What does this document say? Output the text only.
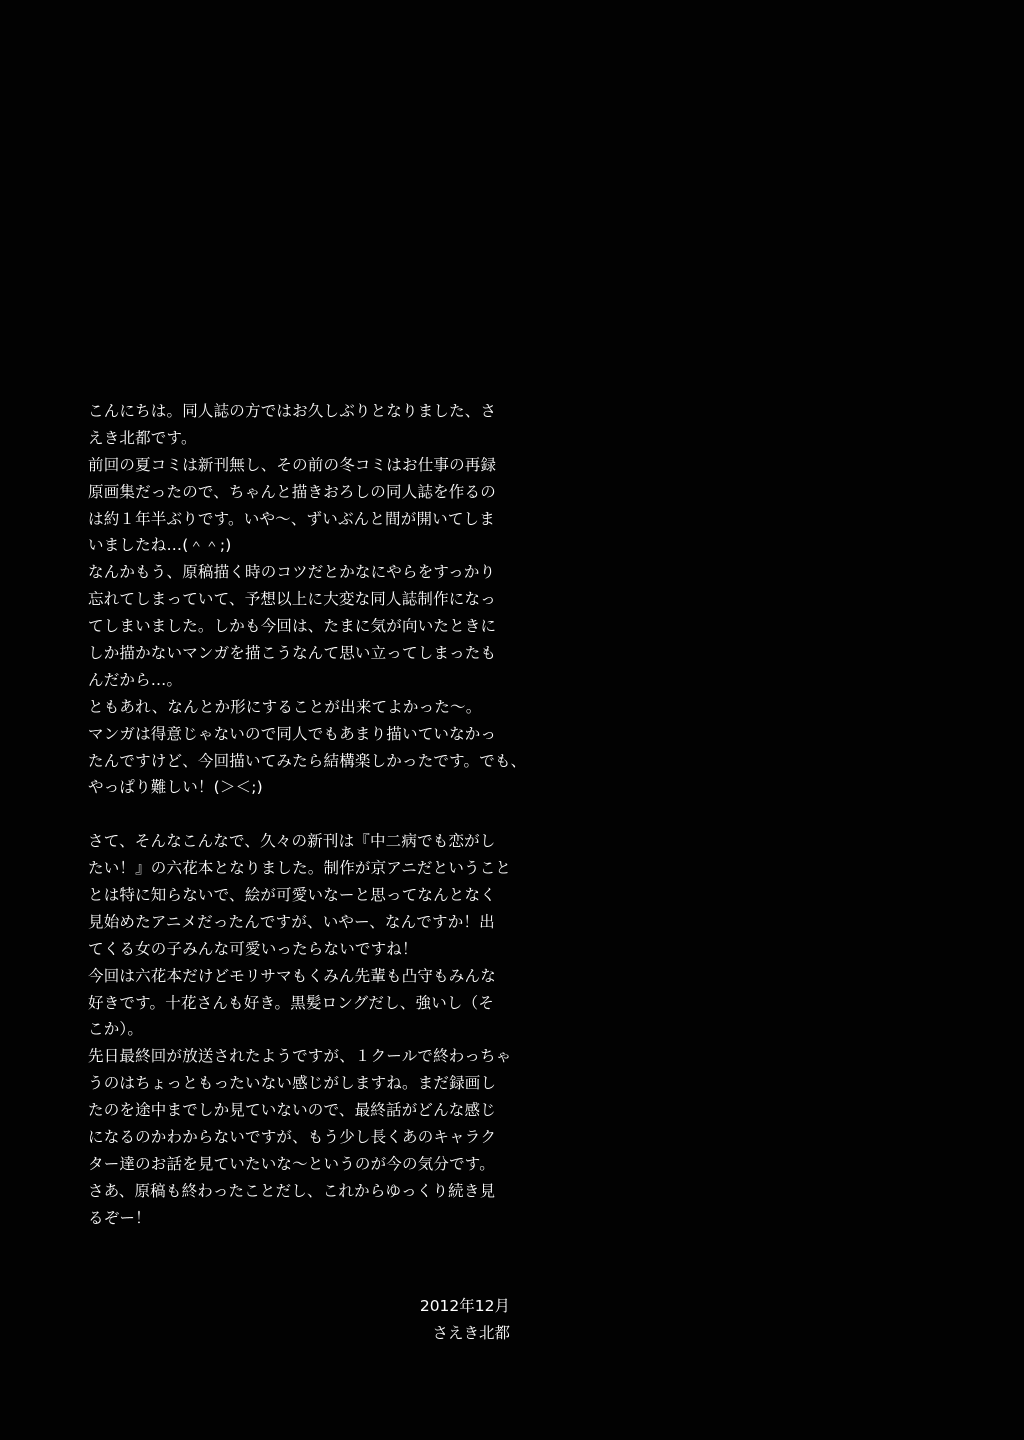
こんにちは。同人誌の方ではお久しぶりとなりました、さ
えき北都です。
前回の夏コミは新刊無し、その前の冬コミはお仕事の再録
原画集だったので、ちゃんと描きおろしの同人誌を作るの
は約１年半ぶりです。いや～、ずいぶんと間が開いてしま
いましたね…(＾＾;)
なんかもう、原稿描く時のコツだとかなにやらをすっかり
忘れてしまっていて、予想以上に大変な同人誌制作になっ
てしまいました。しかも今回は、たまに気が向いたときに
しか描かないマンガを描こうなんて思い立ってしまったも
んだから…。
ともあれ、なんとか形にすることが出来てよかった～。
マンガは得意じゃないので同人でもあまり描いていなかっ
たんですけど、今回描いてみたら結構楽しかったです。でも、
やっぱり難しい！(＞＜;)
さて、そんなこんなで、久々の新刊は『中二病でも恋がし
たい！』の六花本となりました。制作が京アニだということ
とは特に知らないで、絵が可愛いなーと思ってなんとなく
見始めたアニメだったんですが、いやー、なんですか！出
てくる女の子みんな可愛いったらないですね！
今回は六花本だけどモリサマもくみん先輩も凸守もみんな
好きです。十花さんも好き。黒髪ロングだし、強いし（そ
こか）。
先日最終回が放送されたようですが、１クールで終わっちゃ
うのはちょっともったいない感じがしますね。まだ録画し
たのを途中までしか見ていないので、最終話がどんな感じ
になるのかわからないですが、もう少し長くあのキャラク
ター達のお話を見ていたいな～というのが今の気分です。
さあ、原稿も終わったことだし、これからゆっくり続き見
るぞー！
2012年12月
さえき北都
